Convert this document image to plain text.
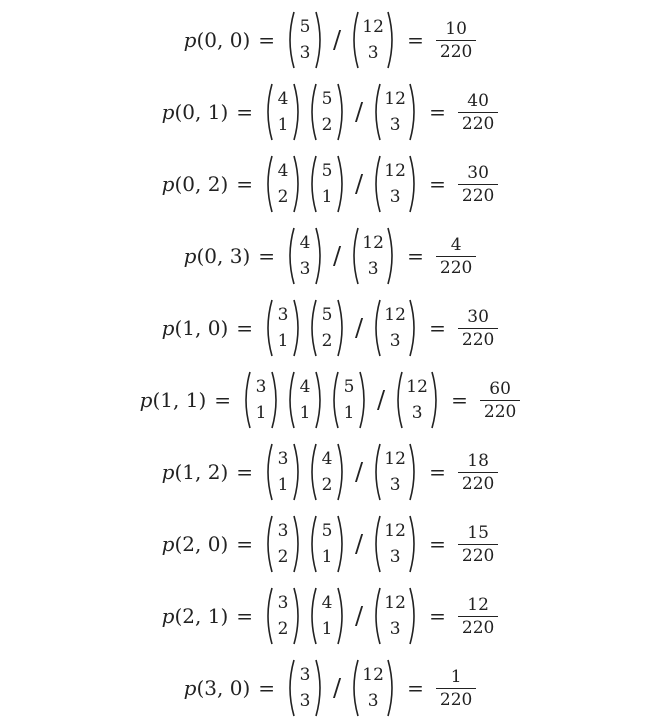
p(0, 0) =
5
3 /	12
3
= $\frac{10}{220}$
p(0, 1) =
4
1
5
2 /	12
3
= $\frac{40}{220}$
p(0, 2) =
4
2
5
1 /	12
3
= $\frac{30}{220}$
p(0, 3) =
4
3 /	12
3
= $\frac{4}{220}$
p(1, 0) =
3
1
5
2 /	12
3
= $\frac{30}{220}$
p(1, 1) =
3
1
4
1
5
1 /	12
3
= $\frac{60}{220}$
p(1, 2) =
3
1
4
2 /	12
3
= $\frac{18}{220}$
p(2, 0) =
3
2
5
1 /	12
3
= $\frac{15}{220}$
p(2, 1) =
3
2
4
1 /	12
3
= $\frac{12}{220}$
p(3, 0) =
3
3 /	12
3
= $\frac{1}{220}$
